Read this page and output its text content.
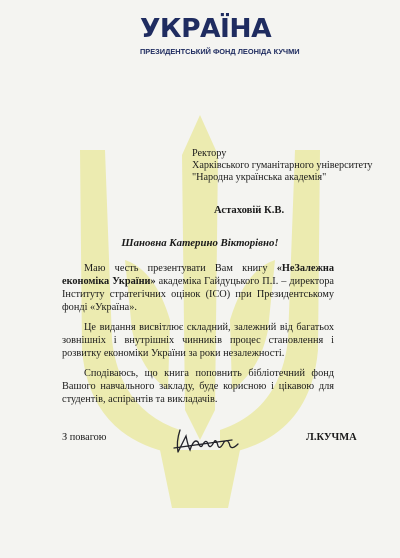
УКРАЇНА
ПРЕЗИДЕНТСЬКИЙ ФОНД ЛЕОНІДА КУЧМИ
Ректору
Харківського гуманітарного університету
"Народна українська академія"
Астаховій К.В.
Шановна Катерино Вікторівно!

Маю честь презентувати Вам книгу «НеЗалежна економіка України» академіка Гайдуцького П.І. – директора Інституту стратегічних оцінок (ІСО) при Президентському фонді «Україна».

Це видання висвітлює складний, залежний від багатьох зовнішніх і внутрішніх чинників процес становлення і розвитку економіки України за роки незалежності.

Сподіваюсь, що книга поповнить бібліотечний фонд Вашого навчального закладу, буде корисною і цікавою для студентів, аспірантів та викладачів.

З повагою	Л.КУЧМА
